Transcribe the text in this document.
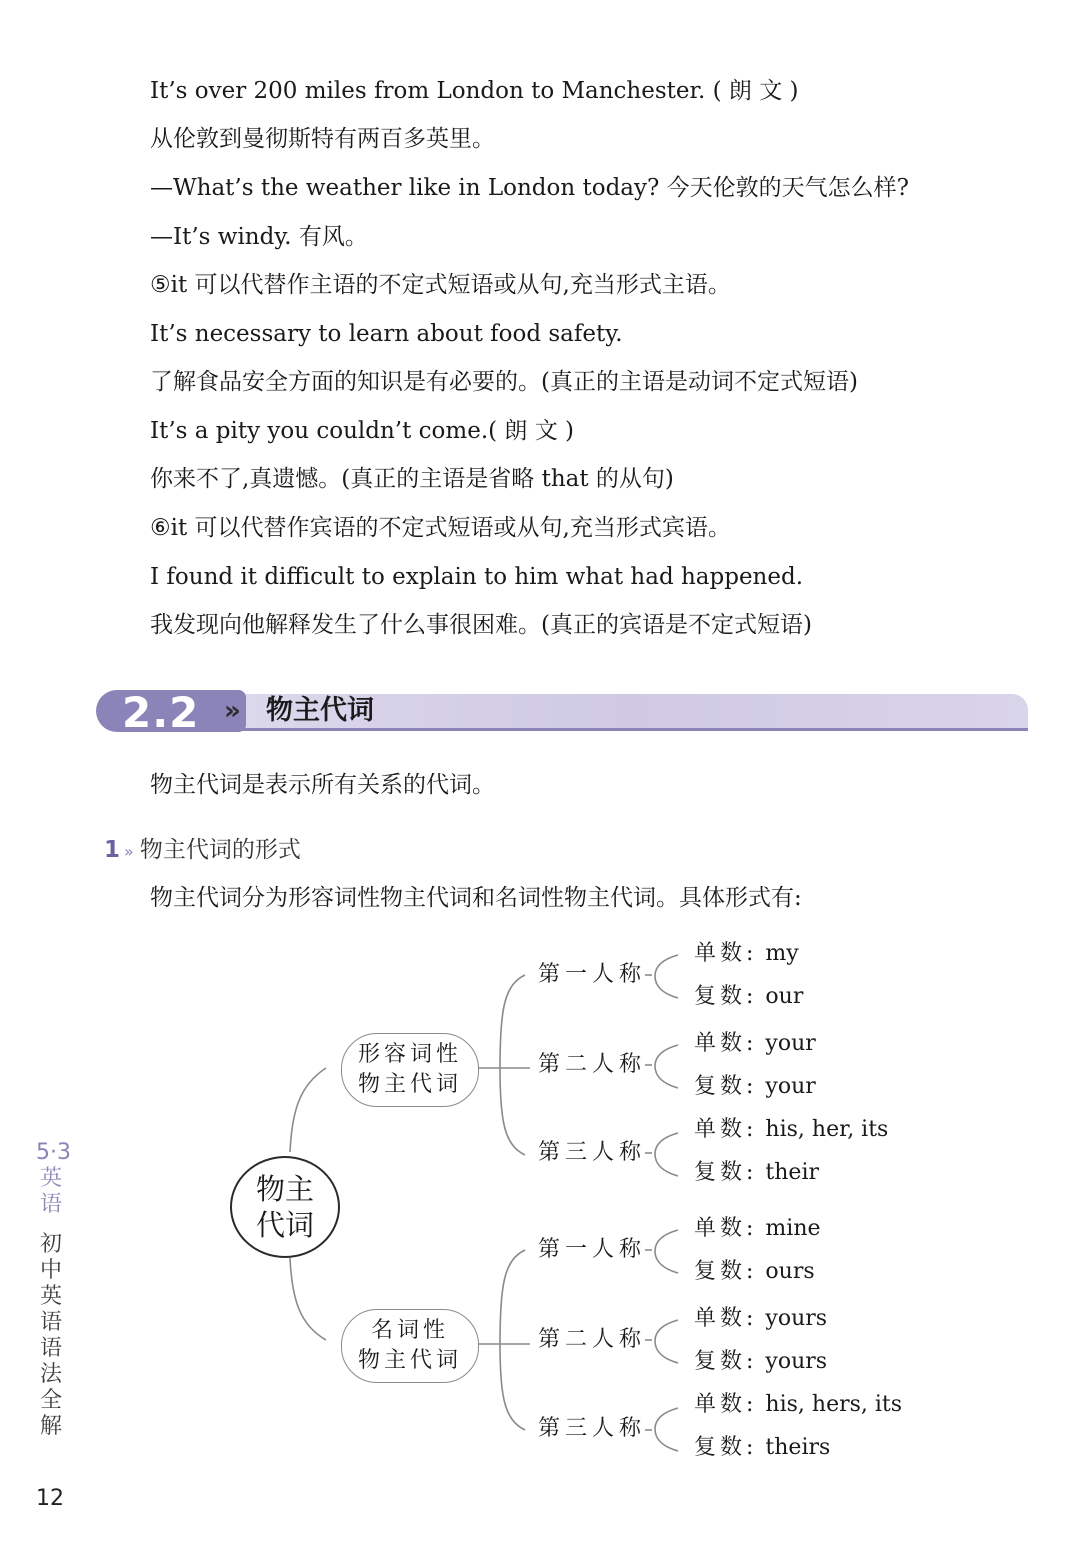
It’s over 200 miles from London to Manchester. ( 朗 文 )
从伦敦到曼彻斯特有两百多英里。
—What’s the weather like in London today? 今天伦敦的天气怎么样?
—It’s windy. 有风。
⑤it 可以代替作主语的不定式短语或从句,充当形式主语。
It’s necessary to learn about food safety.
了解食品安全方面的知识是有必要的。(真正的主语是动词不定式短语)
It’s a pity you couldn’t come.( 朗 文 )
你来不了,真遗憾。(真正的主语是省略 that 的从句)
⑥it 可以代替作宾语的不定式短语或从句,充当形式宾语。
I found it difficult to explain to him what had happened.
我发现向他解释发生了什么事很困难。(真正的宾语是不定式短语)
2.2 » 物主代词
物主代词是表示所有关系的代词。
1 » 物主代词的形式
物主代词分为形容词性物主代词和名词性物主代词。具体形式有:
物主
代词
形容词性
物主代词
名词性
物主代词
第一人称
第二人称
第三人称
第一人称
第二人称
第三人称
单数: my
复数: our
单数: your
复数: your
单数: his, her, its
复数: their
单数: mine
复数: ours
单数: yours
复数: yours
单数: his, hers, its
复数: theirs
5·3英语
初中英语语法全解
12
